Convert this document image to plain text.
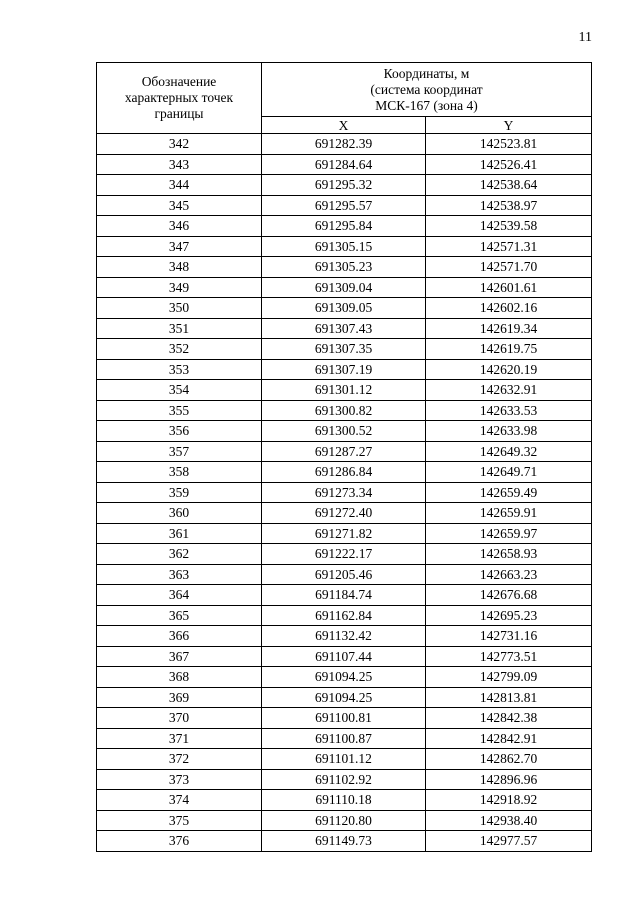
11
Обозначение
характерных точек
границы	Координаты, м
(система координат
МСК-167 (зона 4)	

	X	Y
342	691282.39	142523.81
343	691284.64	142526.41
344	691295.32	142538.64
345	691295.57	142538.97
346	691295.84	142539.58
347	691305.15	142571.31
348	691305.23	142571.70
349	691309.04	142601.61
350	691309.05	142602.16
351	691307.43	142619.34
352	691307.35	142619.75
353	691307.19	142620.19
354	691301.12	142632.91
355	691300.82	142633.53
356	691300.52	142633.98
357	691287.27	142649.32
358	691286.84	142649.71
359	691273.34	142659.49
360	691272.40	142659.91
361	691271.82	142659.97
362	691222.17	142658.93
363	691205.46	142663.23
364	691184.74	142676.68
365	691162.84	142695.23
366	691132.42	142731.16
367	691107.44	142773.51
368	691094.25	142799.09
369	691094.25	142813.81
370	691100.81	142842.38
371	691100.87	142842.91
372	691101.12	142862.70
373	691102.92	142896.96
374	691110.18	142918.92
375	691120.80	142938.40
376	691149.73	142977.57
